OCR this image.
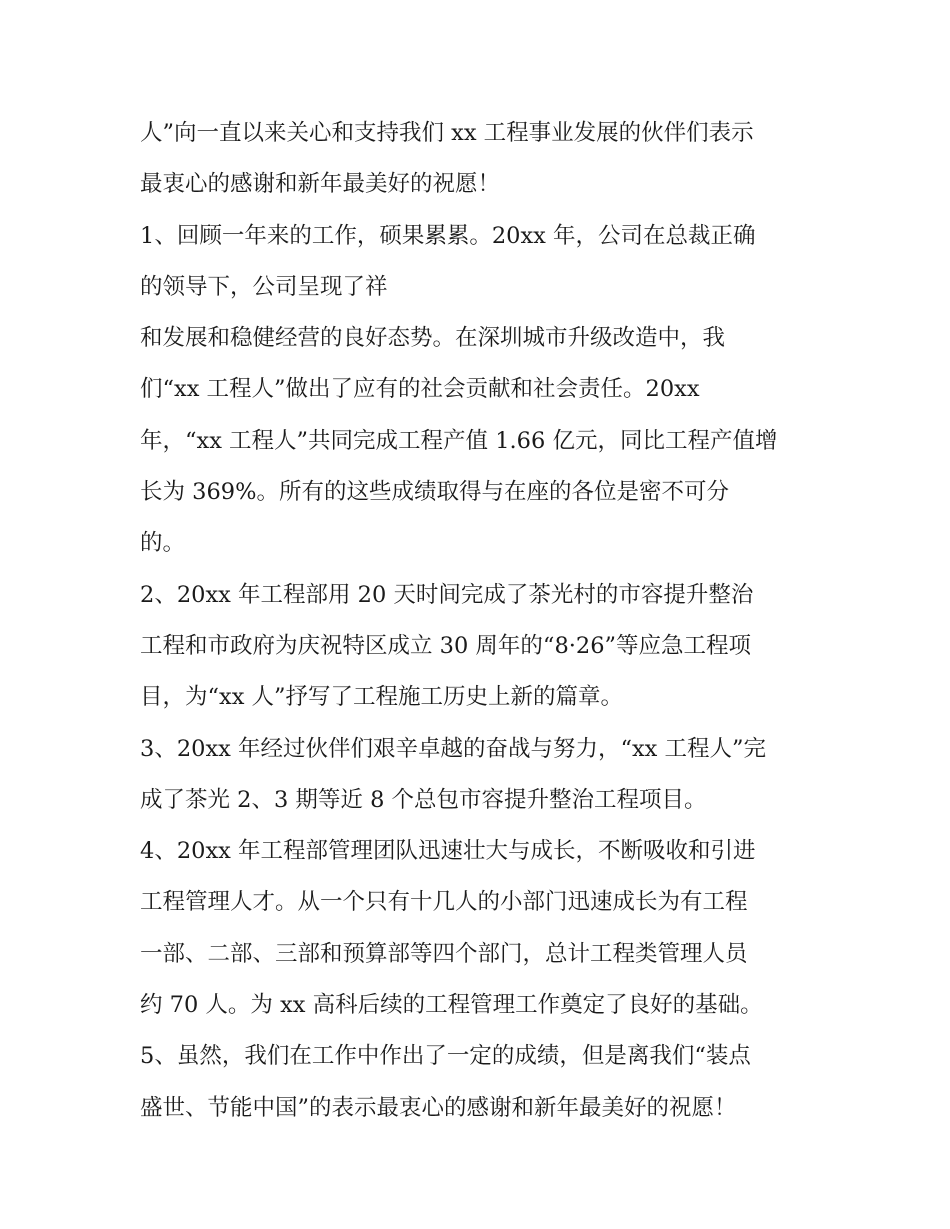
人”向一直以来关心和支持我们 xx 工程事业发展的伙伴们表示
最衷心的感谢和新年最美好的祝愿！
1、回顾一年来的工作，硕果累累。20xx 年，公司在总裁正确
的领导下，公司呈现了祥
和发展和稳健经营的良好态势。在深圳城市升级改造中，我
们“xx 工程人”做出了应有的社会贡献和社会责任。20xx
年，“xx 工程人”共同完成工程产值 1.66 亿元，同比工程产值增
长为 369%。所有的这些成绩取得与在座的各位是密不可分
的。
2、20xx 年工程部用 20 天时间完成了茶光村的市容提升整治
工程和市政府为庆祝特区成立 30 周年的“8·26”等应急工程项
目，为“xx 人”抒写了工程施工历史上新的篇章。
3、20xx 年经过伙伴们艰辛卓越的奋战与努力，“xx 工程人”完
成了茶光 2、3 期等近 8 个总包市容提升整治工程项目。
4、20xx 年工程部管理团队迅速壮大与成长，不断吸收和引进
工程管理人才。从一个只有十几人的小部门迅速成长为有工程
一部、二部、三部和预算部等四个部门，总计工程类管理人员
约 70 人。为 xx 高科后续的工程管理工作奠定了良好的基础。
5、虽然，我们在工作中作出了一定的成绩，但是离我们“装点
盛世、节能中国”的表示最衷心的感谢和新年最美好的祝愿！
